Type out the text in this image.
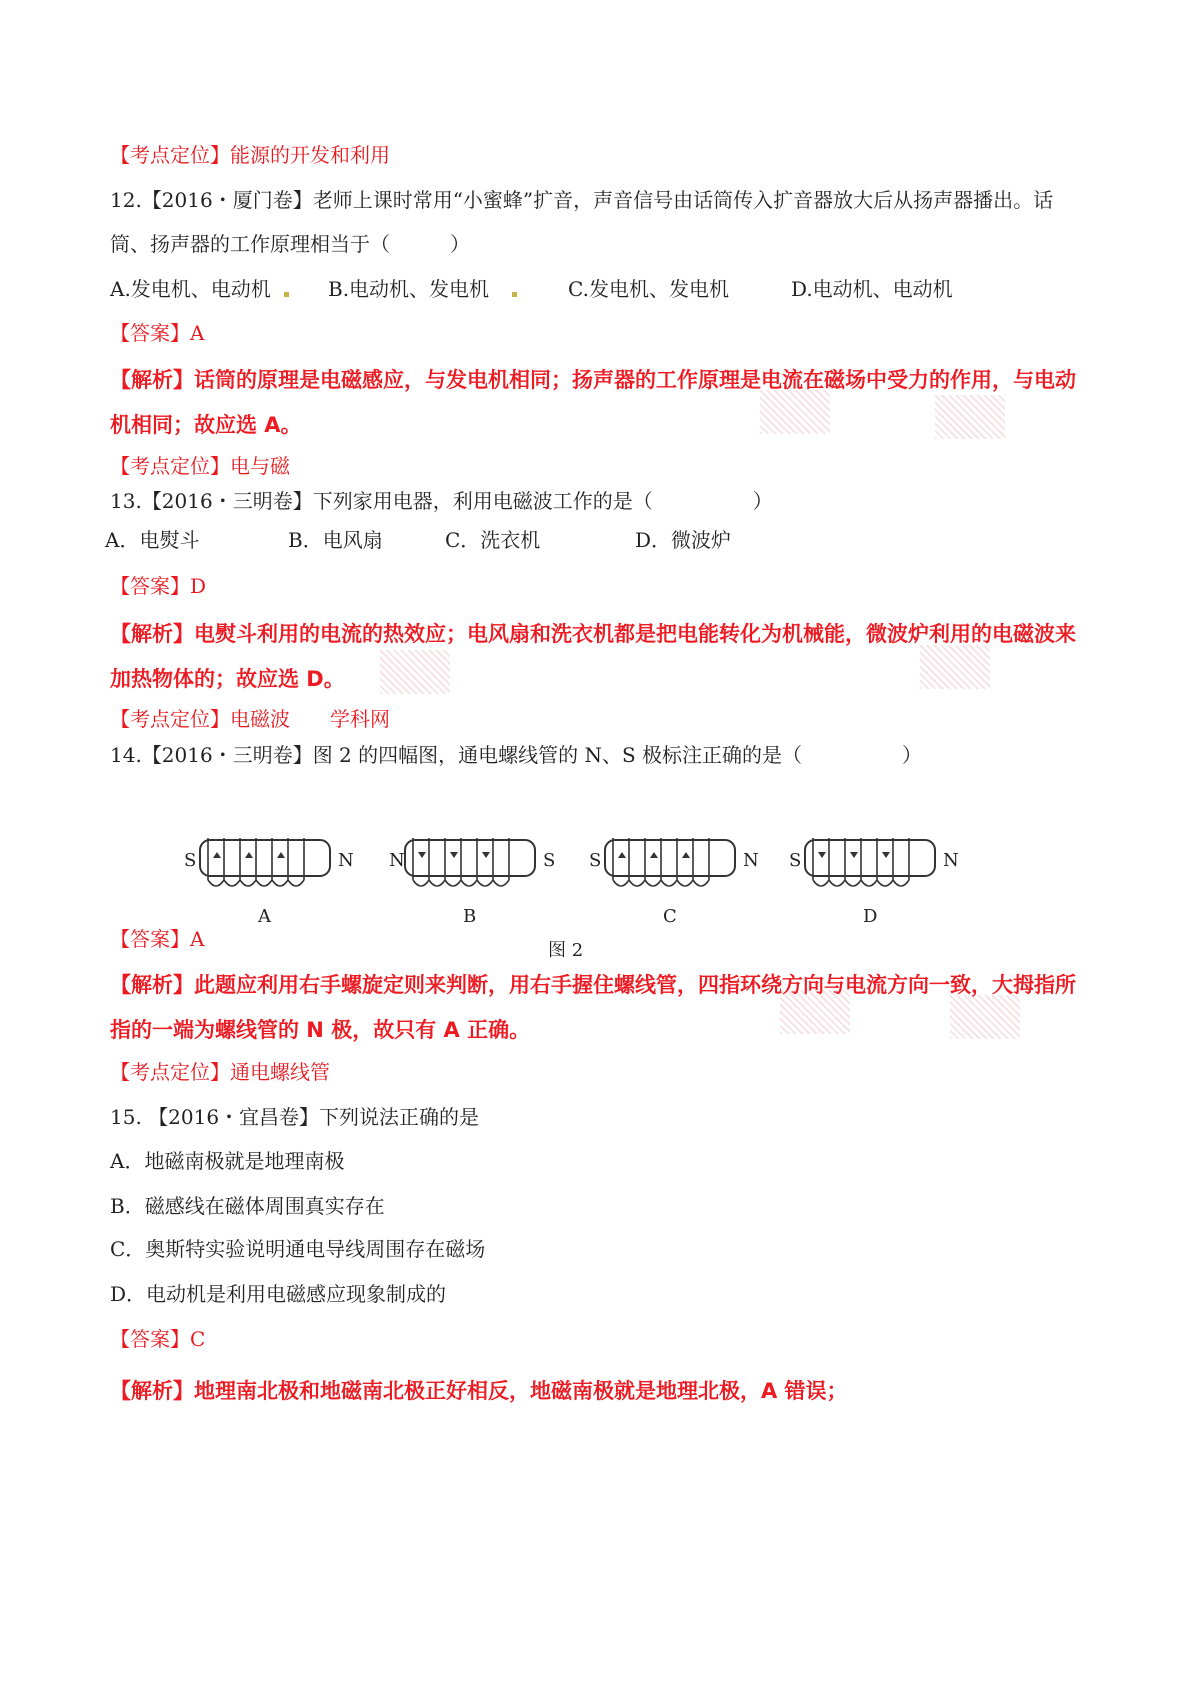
【考点定位】能源的开发和利用
12.【2016・厦门卷】老师上课时常用“小蜜蜂”扩音，声音信号由话筒传入扩音器放大后从扬声器播出。话
筒、扬声器的工作原理相当于（　　　）
A.发电机、电动机	B.电动机、发电机	C.发电机、发电机	D.电动机、电动机
【答案】A
【解析】话筒的原理是电磁感应，与发电机相同；扬声器的工作原理是电流在磁场中受力的作用，与电动
机相同；故应选 A。
【考点定位】电与磁
13.【2016・三明卷】下列家用电器，利用电磁波工作的是（　　　　　）
A．电熨斗	B．电风扇	C．洗衣机	D．微波炉
【答案】D
【解析】电熨斗利用的电流的热效应；电风扇和洗衣机都是把电能转化为机械能，微波炉利用的电磁波来
加热物体的；故应选 D。
【考点定位】电磁波 学科网
14.【2016・三明卷】图 2 的四幅图，通电螺线管的 N、S 极标注正确的是（　　　　　）
S	N N	S S	N S	N
A	B	C	D
图 2
【答案】A
【解析】此题应利用右手螺旋定则来判断，用右手握住螺线管，四指环绕方向与电流方向一致，大拇指所
指的一端为螺线管的 N 极，故只有 A 正确。
【考点定位】通电螺线管
15. 【2016・宜昌卷】下列说法正确的是
A．地磁南极就是地理南极
B．磁感线在磁体周围真实存在
C．奥斯特实验说明通电导线周围存在磁场
D．电动机是利用电磁感应现象制成的
【答案】C
【解析】地理南北极和地磁南北极正好相反，地磁南极就是地理北极，A 错误；
